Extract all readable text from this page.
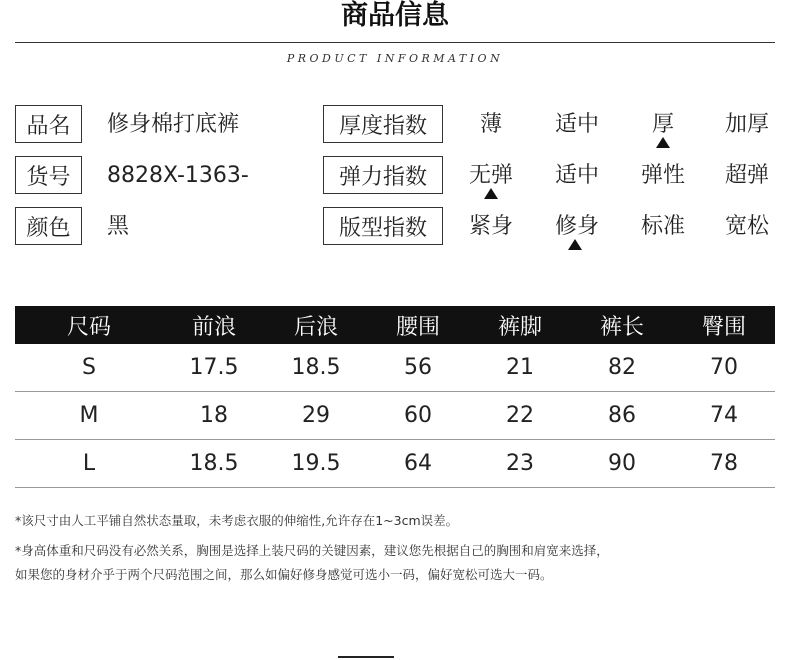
商品信息
PRODUCT INFORMATION
品名	修身棉打底裤
货号	8828X-1363-
颜色	黑
厚度指数	薄	适中	厚	加厚
弹力指数	无弹	适中	弹性	超弹
版型指数	紧身	修身	标准	宽松
尺码	前浪	后浪	腰围	裤脚	裤长	臀围
S	17.5	18.5	56	21	82	70
M	18	29	60	22	86	74
L	18.5	19.5	64	23	90	78
*该尺寸由人工平铺自然状态量取，未考虑衣服的伸缩性,允许存在1~3cm误差。
*身高体重和尺码没有必然关系，胸围是选择上装尺码的关键因素，建议您先根据自己的胸围和肩宽来选择，
如果您的身材介乎于两个尺码范围之间，那么如偏好修身感觉可选小一码，偏好宽松可选大一码。
